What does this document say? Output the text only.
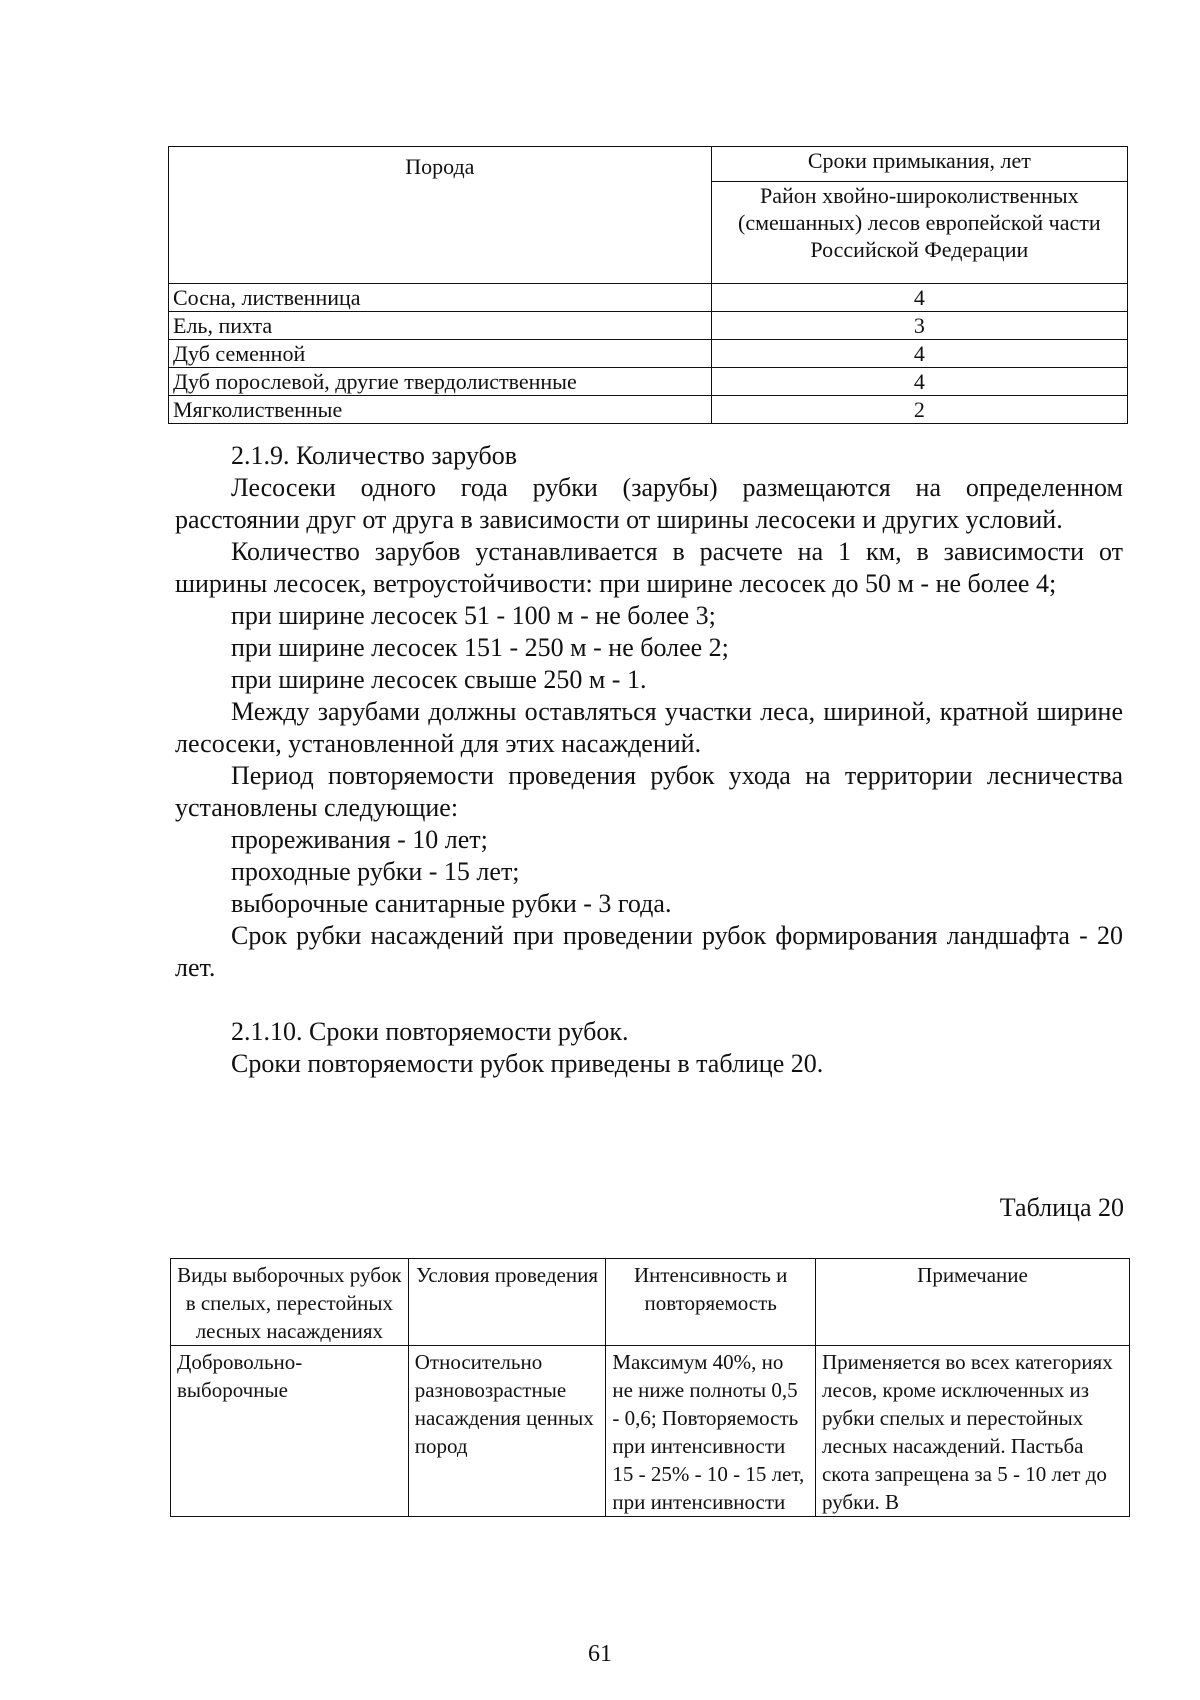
Порода	Сроки примыкания, лет
	Район хвойно-широколиственных (смешанных) лесов европейской части Российской Федерации
Сосна, лиственница	4
Ель, пихта	3
Дуб семенной	4
Дуб порослевой, другие твердолиственные	4
Мягколиственные	2

2.1.9. Количество зарубов

Лесосеки одного года рубки (зарубы) размещаются на определенном расстоянии друг от друга в зависимости от ширины лесосеки и других условий.

Количество зарубов устанавливается в расчете на 1 км, в зависимости от ширины лесосек, ветроустойчивости: при ширине лесосек до 50 м - не более 4;

при ширине лесосек 51 - 100 м - не более 3;

при ширине лесосек 151 - 250 м - не более 2;

при ширине лесосек свыше 250 м - 1.

Между зарубами должны оставляться участки леса, шириной, кратной ширине лесосеки, установленной для этих насаждений.

Период повторяемости проведения рубок ухода на территории лесничества установлены следующие:

прореживания - 10 лет;

проходные рубки - 15 лет;

выборочные санитарные рубки - 3 года.

Срок рубки насаждений при проведении рубок формирования ландшафта - 20 лет.

2.1.10. Сроки повторяемости рубок.

Сроки повторяемости рубок приведены в таблице 20.

Таблица 20
Виды выборочных рубок в спелых, перестойных лесных насаждениях	Условия проведения	Интенсивность и повторяемость	Примечание
Добровольно-выборочные	Относительно разновозрастные насаждения ценных пород	Максимум 40%, но не ниже полноты 0,5 - 0,6; Повторяемость при интенсивности 15 - 25% - 10 - 15 лет, при интенсивности	Применяется во всех категориях лесов, кроме исключенных из рубки спелых и перестойных лесных насаждений. Пастьба скота запрещена за 5 - 10 лет до рубки. В
61
